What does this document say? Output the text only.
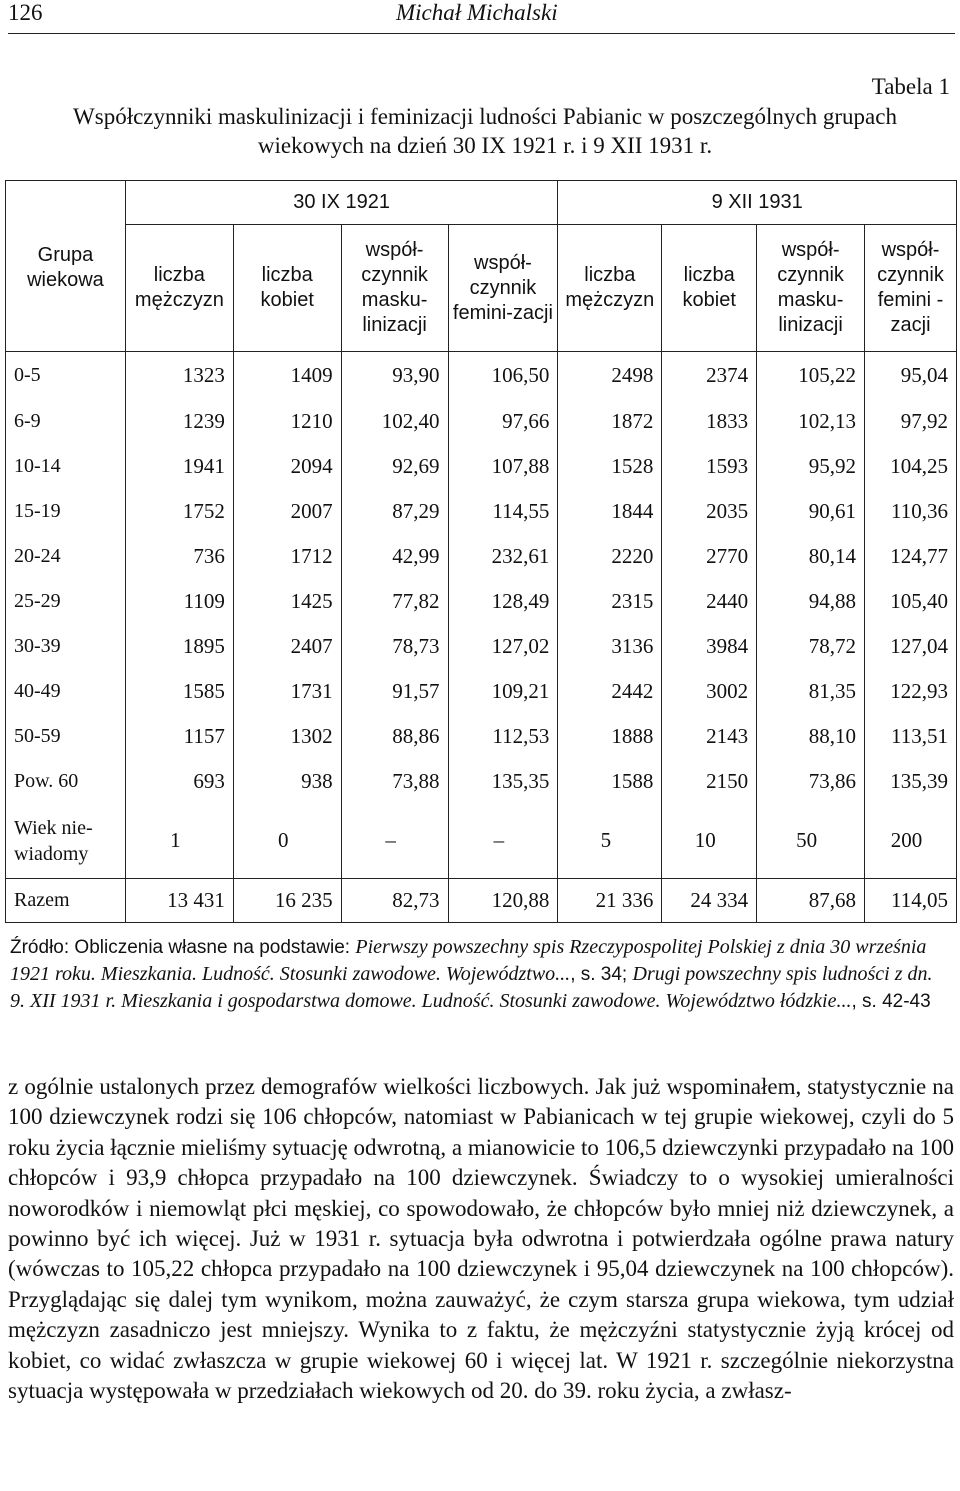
126	Michał Michalski
Tabela 1
Współczynniki maskulinizacji i feminizacji ludności Pabianic w poszczególnych grupach wiekowych na dzień 30 IX 1921 r. i 9 XII 1931 r.
Grupa wiekowa	30 IX 1921				9 XII 1931			
	liczba mężczyzn	liczba kobiet	współ-czynnik masku-linizacji	współ-czynnik femini-zacji	liczba mężczyzn	liczba kobiet	współ-czynnik masku-linizacji	współ-czynnik femini -zacji
0-5	1323	1409	93,90	106,50	2498	2374	105,22	95,04
6-9	1239	1210	102,40	97,66	1872	1833	102,13	97,92
10-14	1941	2094	92,69	107,88	1528	1593	95,92	104,25
15-19	1752	2007	87,29	114,55	1844	2035	90,61	110,36
20-24	736	1712	42,99	232,61	2220	2770	80,14	124,77
25-29	1109	1425	77,82	128,49	2315	2440	94,88	105,40
30-39	1895	2407	78,73	127,02	3136	3984	78,72	127,04
40-49	1585	1731	91,57	109,21	2442	3002	81,35	122,93
50-59	1157	1302	88,86	112,53	1888	2143	88,10	113,51
Pow. 60	693	938	73,88	135,35	1588	2150	73,86	135,39
Wiek nie-wiadomy	1	0	–	–	5	10	50	200
Razem	13 431	16 235	82,73	120,88	21 336	24 334	87,68	114,05
Źródło: Obliczenia własne na podstawie: Pierwszy powszechny spis Rzeczypospolitej Polskiej z dnia 30 września 1921 roku. Mieszkania. Ludność. Stosunki zawodowe. Województwo..., s. 34; Drugi powszechny spis ludności z dn. 9. XII 1931 r. Mieszkania i gospodarstwa domowe. Ludność. Stosunki zawodowe. Województwo łódzkie..., s. 42-43

z ogólnie ustalonych przez demografów wielkości liczbowych. Jak już wspominałem, statystycznie na 100 dziewczynek rodzi się 106 chłopców, natomiast w Pabianicach w tej grupie wiekowej, czyli do 5 roku życia łącznie mieliśmy sytuację odwrotną, a mianowicie to 106,5 dziewczynki przypadało na 100 chłopców i 93,9 chłopca przypadało na 100 dziewczynek. Świadczy to o wysokiej umieralności noworodków i niemowląt płci męskiej, co spowodowało, że chłopców było mniej niż dziewczynek, a powinno być ich więcej. Już w 1931 r. sytuacja była odwrotna i potwierdzała ogólne prawa natury (wówczas to 105,22 chłopca przypadało na 100 dziewczynek i 95,04 dziewczynek na 100 chłopców). Przyglądając się dalej tym wynikom, można zauważyć, że czym starsza grupa wiekowa, tym udział mężczyzn zasadniczo jest mniejszy. Wynika to z faktu, że mężczyźni statystycznie żyją krócej od kobiet, co widać zwłaszcza w grupie wiekowej 60 i więcej lat. W 1921 r. szczególnie niekorzystna sytuacja występowała w przedziałach wiekowych od 20. do 39. roku życia, a zwłasz-
